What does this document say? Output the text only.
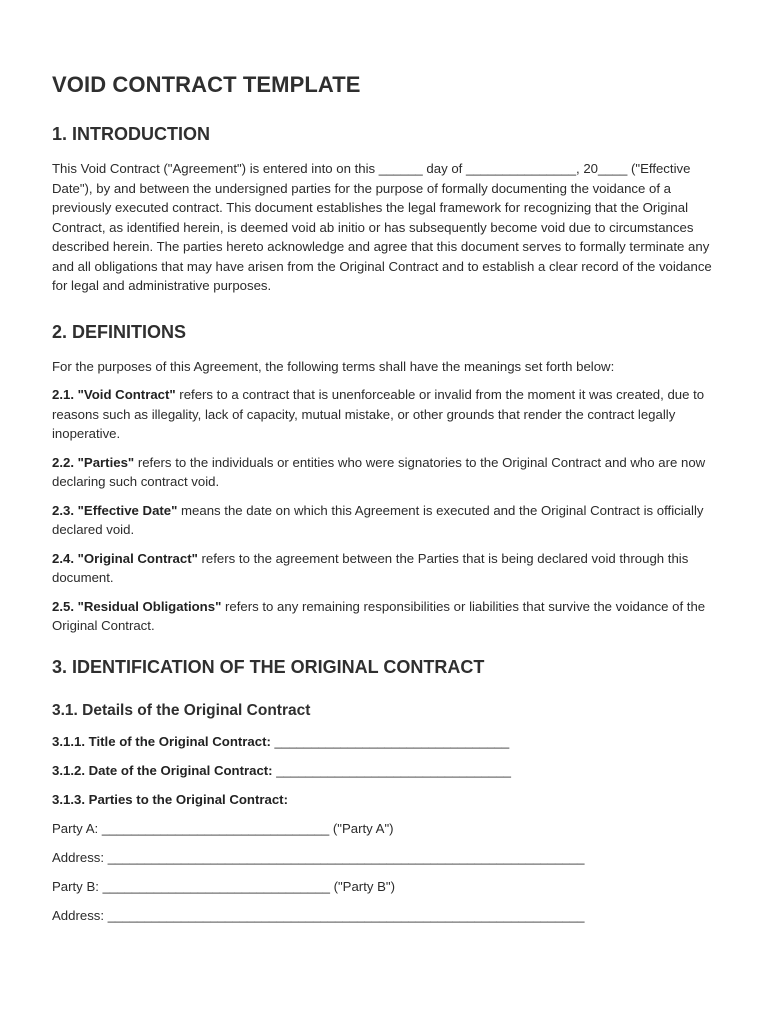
VOID CONTRACT TEMPLATE
1. INTRODUCTION

This Void Contract ("Agreement") is entered into on this ______ day of _______________, 20____ ("Effective Date"), by and between the undersigned parties for the purpose of formally documenting the voidance of a previously executed contract. This document establishes the legal framework for recognizing that the Original Contract, as identified herein, is deemed void ab initio or has subsequently become void due to circumstances described herein. The parties hereto acknowledge and agree that this document serves to formally terminate any and all obligations that may have arisen from the Original Contract and to establish a clear record of the voidance for legal and administrative purposes.

2. DEFINITIONS

For the purposes of this Agreement, the following terms shall have the meanings set forth below:

2.1. "Void Contract" refers to a contract that is unenforceable or invalid from the moment it was created, due to reasons such as illegality, lack of capacity, mutual mistake, or other grounds that render the contract legally inoperative.

2.2. "Parties" refers to the individuals or entities who were signatories to the Original Contract and who are now declaring such contract void.

2.3. "Effective Date" means the date on which this Agreement is executed and the Original Contract is officially declared void.

2.4. "Original Contract" refers to the agreement between the Parties that is being declared void through this document.

2.5. "Residual Obligations" refers to any remaining responsibilities or liabilities that survive the voidance of the Original Contract.

3. IDENTIFICATION OF THE ORIGINAL CONTRACT
3.1. Details of the Original Contract
3.1.1. Title of the Original Contract: ________________________________
3.1.2. Date of the Original Contract: ________________________________
3.1.3. Parties to the Original Contract:
Party A: _______________________________ ("Party A")
Address: _________________________________________________________________
Party B: _______________________________ ("Party B")
Address: _________________________________________________________________
